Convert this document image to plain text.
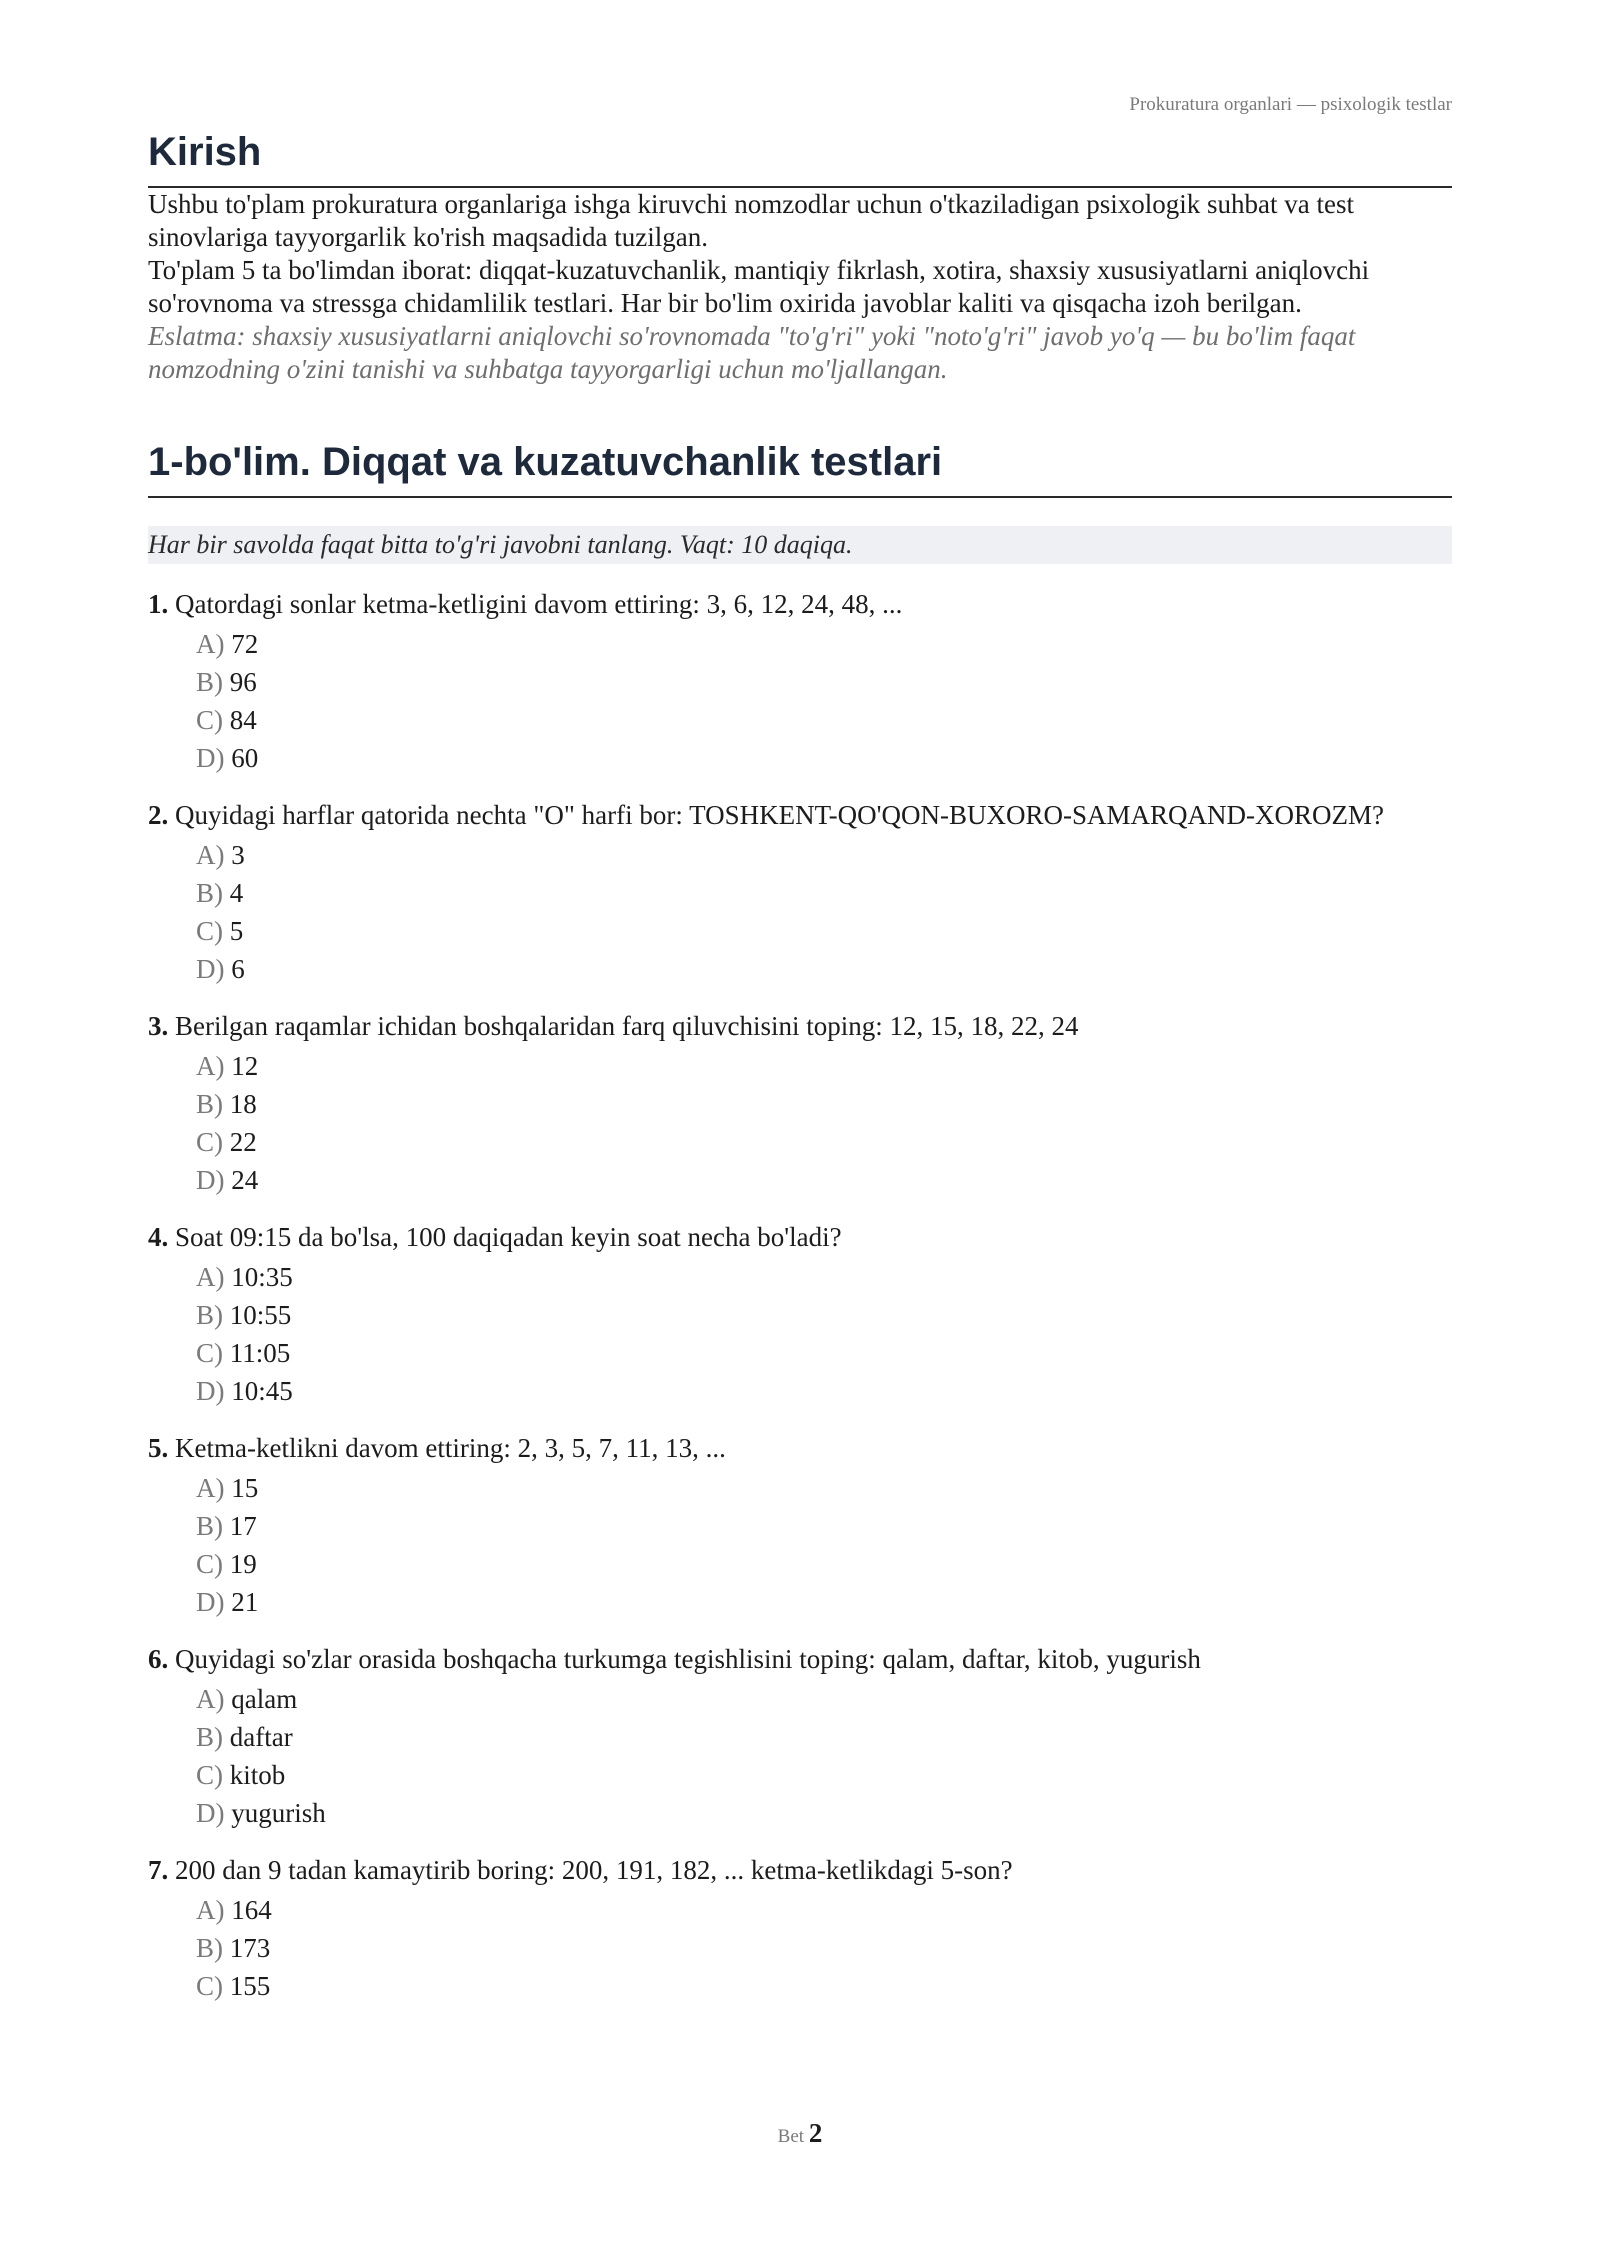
Prokuratura organlari — psixologik testlar
Kirish

Ushbu to'plam prokuratura organlariga ishga kiruvchi nomzodlar uchun o'tkaziladigan psixologik suhbat va test sinovlariga tayyorgarlik ko'rish maqsadida tuzilgan.

To'plam 5 ta bo'limdan iborat: diqqat-kuzatuvchanlik, mantiqiy fikrlash, xotira, shaxsiy xususiyatlarni aniqlovchi so'rovnoma va stressga chidamlilik testlari. Har bir bo'lim oxirida javoblar kaliti va qisqacha izoh berilgan.

Eslatma: shaxsiy xususiyatlarni aniqlovchi so'rovnomada "to'g'ri" yoki "noto'g'ri" javob yo'q — bu bo'lim faqat nomzodning o'zini tanishi va suhbatga tayyorgarligi uchun mo'ljallangan.

1-bo'lim. Diqqat va kuzatuvchanlik testlari
Har bir savolda faqat bitta to'g'ri javobni tanlang. Vaqt: 10 daqiqa.
1. Qatordagi sonlar ketma-ketligini davom ettiring: 3, 6, 12, 24, 48, ...
A) 72
B) 96
C) 84
D) 60
2. Quyidagi harflar qatorida nechta "O" harfi bor: TOSHKENT-QO'QON-BUXORO-SAMARQAND-XOROZM?
A) 3
B) 4
C) 5
D) 6
3. Berilgan raqamlar ichidan boshqalaridan farq qiluvchisini toping: 12, 15, 18, 22, 24
A) 12
B) 18
C) 22
D) 24
4. Soat 09:15 da bo'lsa, 100 daqiqadan keyin soat necha bo'ladi?
A) 10:35
B) 10:55
C) 11:05
D) 10:45
5. Ketma-ketlikni davom ettiring: 2, 3, 5, 7, 11, 13, ...
A) 15
B) 17
C) 19
D) 21
6. Quyidagi so'zlar orasida boshqacha turkumga tegishlisini toping: qalam, daftar, kitob, yugurish
A) qalam
B) daftar
C) kitob
D) yugurish
7. 200 dan 9 tadan kamaytirib boring: 200, 191, 182, ... ketma-ketlikdagi 5-son?
A) 164
B) 173
C) 155
Bet 2
